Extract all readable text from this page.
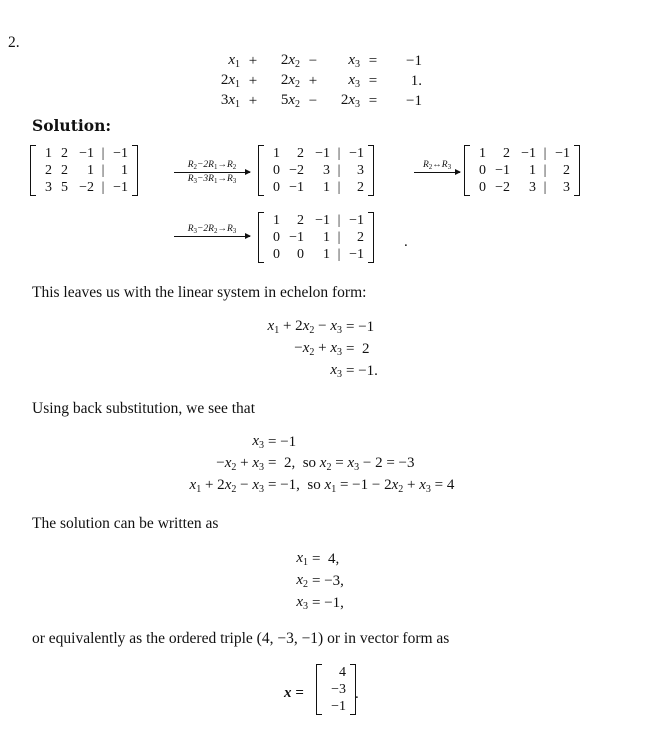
2.
$x_1$ +	$2x_2$ −	$x_3$ =	−1
$2x_1$ +	$2x_2$ +	$x_3$ =	1.
$3x_1$ +	$5x_2$ −	$2x_3$ =	−1
Solution:
1 2 −1 | −1
2 2	1 |	1
3 5 −2 | −1
$R_2-2R_1\to R_2$
$R_3-3R_1\to R_3$
1	2 −1 | −1
0 −2	3 |	3
0 −1	1 |	2
$R_2\leftrightarrow R_3$
1	2 −1 | −1
0 −1	1 |	2
0 −2	3 |	3
$R_3-2R_2\to R_3$
1	2 −1 | −1
0 −1	1 |	2
0	0	1 | −1
.
This leaves us with the linear system in echelon form:
$x_1 + 2x_2 - x_3 = -1$
$-x_2 + x_3 = 2$
$x_3 = -1$.
Using back substitution, we see that
$x_3 = -1$
$-x_2 + x_3 = 2$,  so $x_2 = x_3 - 2 = -3$
$x_1 + 2x_2 - x_3 = -1$,  so $x_1 = -1 - 2x_2 + x_3 = 4$
The solution can be written as
$x_1 = 4$,
$x_2 = -3$,
$x_3 = -1$,
or equivalently as the ordered triple (4, −3, −1) or in vector form as
x =
4
−3
−1
.
